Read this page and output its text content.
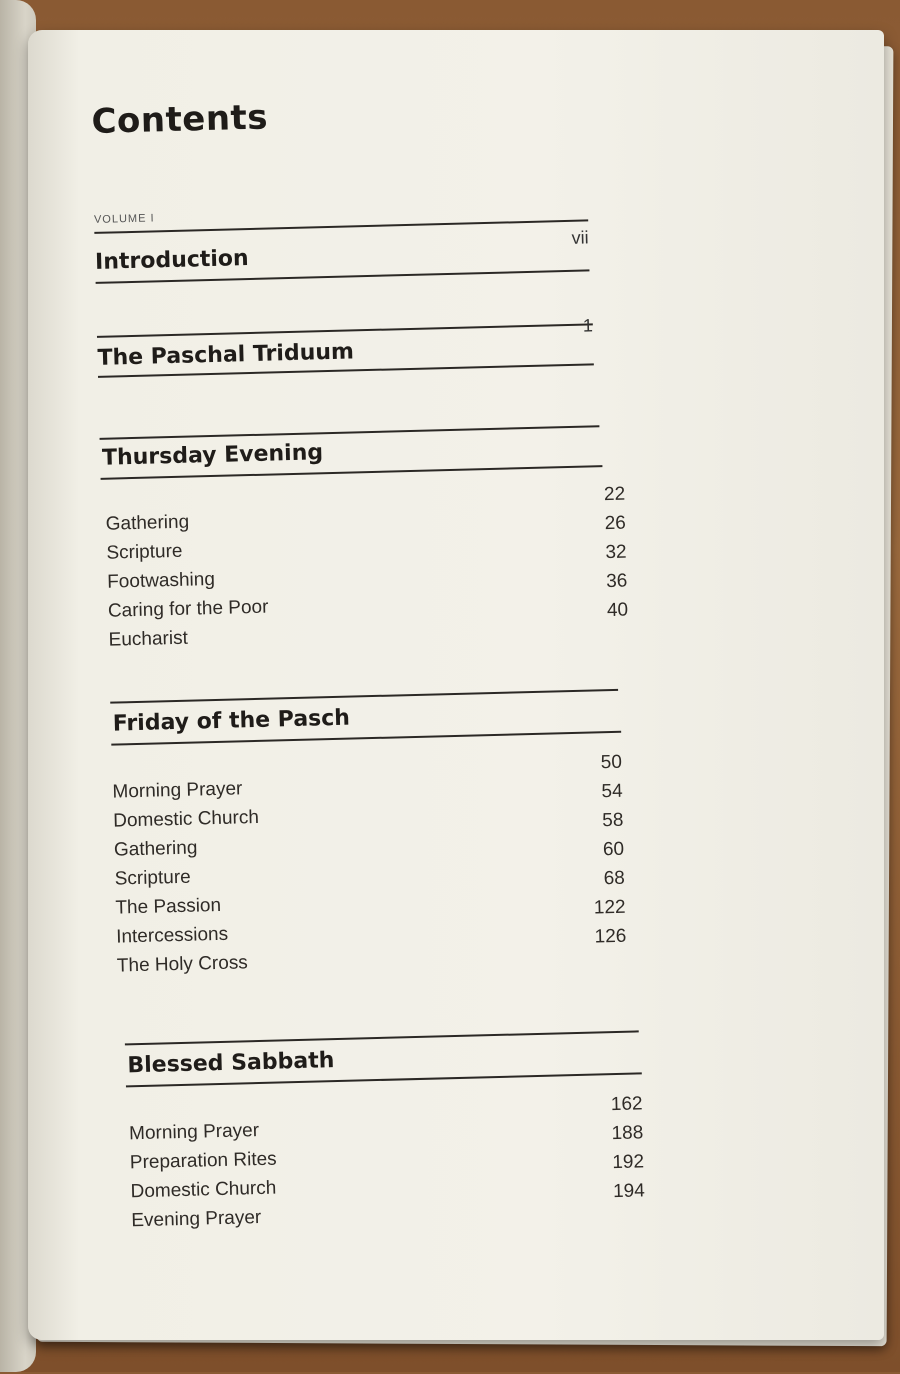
Contents
VOLUME I
Introduction
vii
The Paschal Triduum
1
Thursday Evening
Gathering
22
Scripture
26
Footwashing
32
Caring for the Poor
36
Eucharist
40
Friday of the Pasch
Morning Prayer
50
Domestic Church
54
Gathering
58
Scripture
60
The Passion
68
Intercessions
122
The Holy Cross
126
Blessed Sabbath
Morning Prayer
162
Preparation Rites
188
Domestic Church
192
Evening Prayer
194
